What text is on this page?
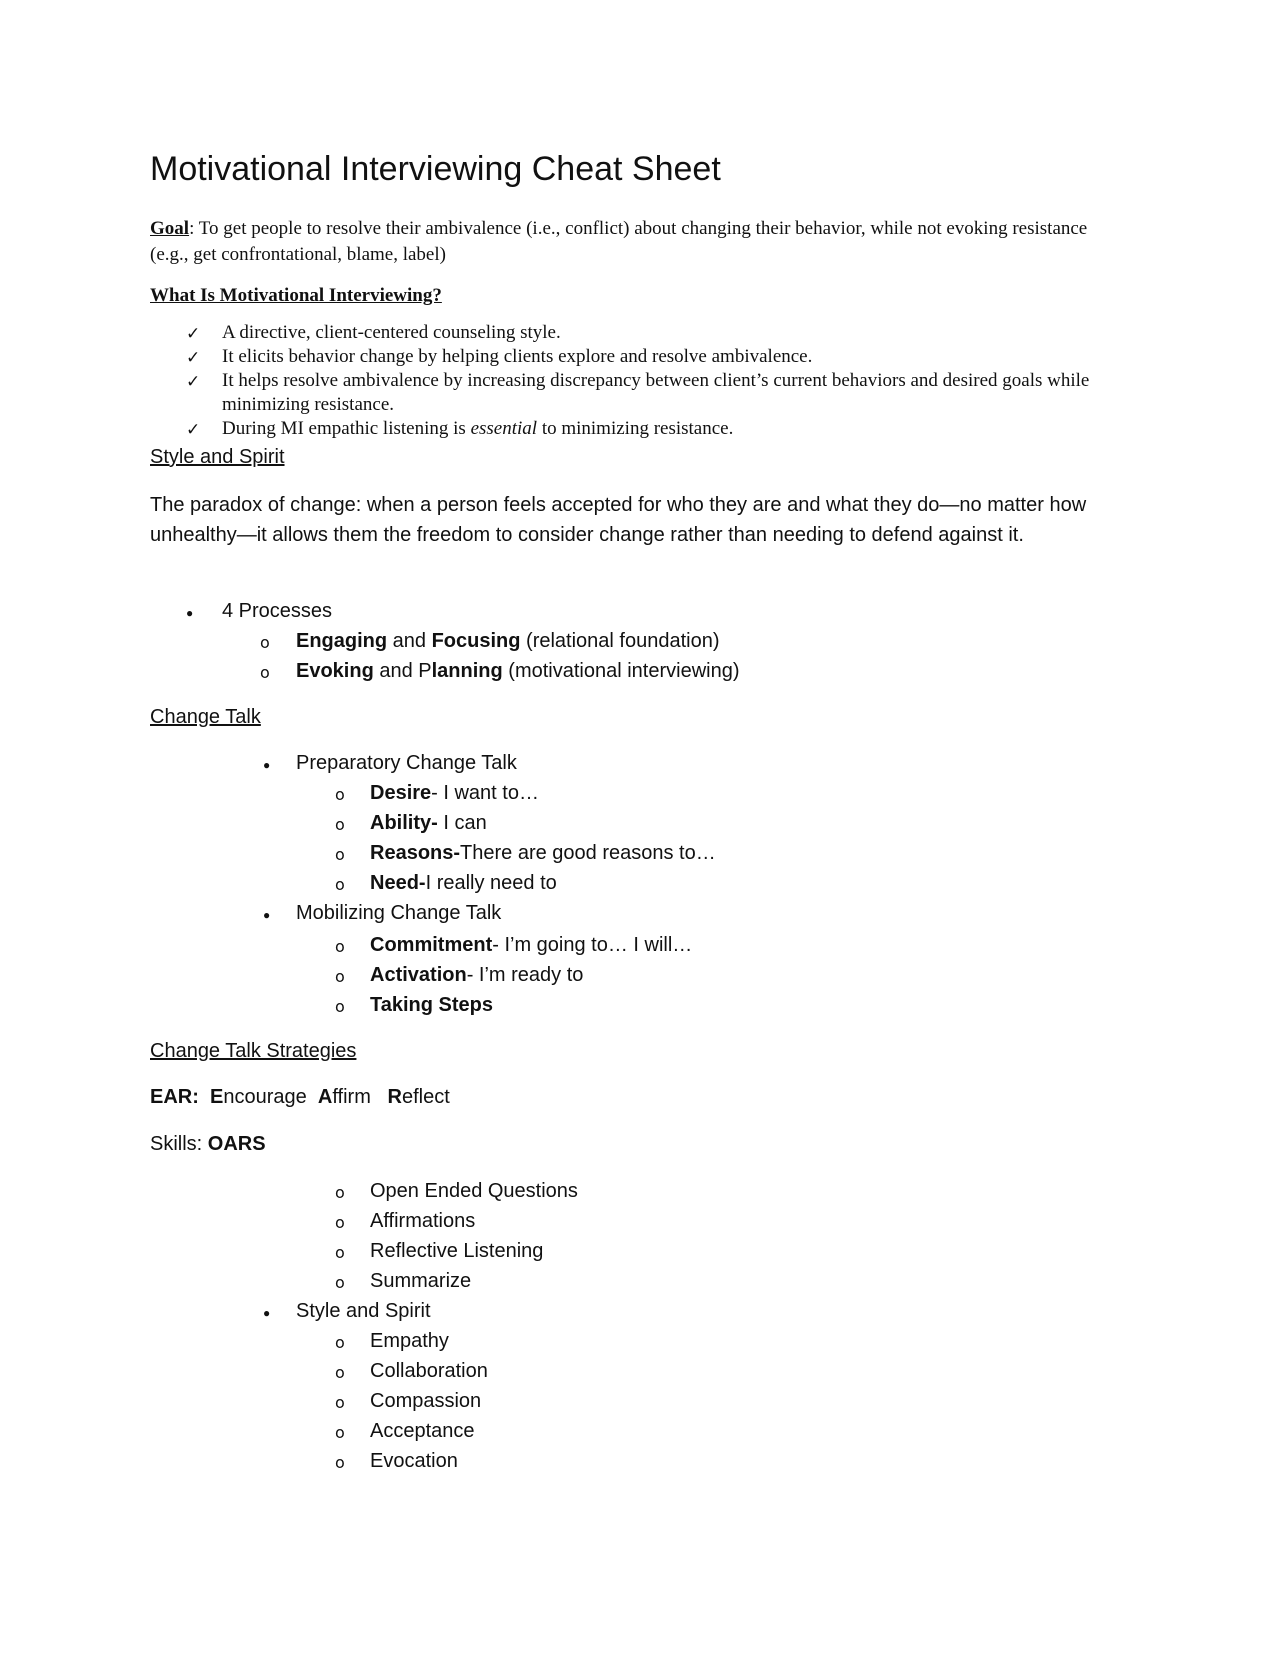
Motivational Interviewing Cheat Sheet
Goal: To get people to resolve their ambivalence (i.e., conflict) about changing their behavior, while not evoking resistance (e.g., get confrontational, blame, label)
What Is Motivational Interviewing?
✓ A directive, client-centered counseling style.
✓ It elicits behavior change by helping clients explore and resolve ambivalence.
✓ It helps resolve ambivalence by increasing discrepancy between client’s current behaviors and desired goals while minimizing resistance.
✓ During MI empathic listening is essential to minimizing resistance.
Style and Spirit
The paradox of change: when a person feels accepted for who they are and what they do—no matter how unhealthy—it allows them the freedom to consider change rather than needing to defend against it.
● 4 Processes
o Engaging and Focusing (relational foundation)
o Evoking and Planning (motivational interviewing)
Change Talk
● Preparatory Change Talk
o Desire- I want to…
o Ability- I can
o Reasons-There are good reasons to…
o Need-I really need to
● Mobilizing Change Talk
o Commitment- I’m going to… I will…
o Activation- I’m ready to
o Taking Steps
Change Talk Strategies
EAR: Encourage Affirm Reflect
Skills: OARS
o Open Ended Questions
o Affirmations
o Reflective Listening
o Summarize
● Style and Spirit
o Empathy
o Collaboration
o Compassion
o Acceptance
o Evocation
